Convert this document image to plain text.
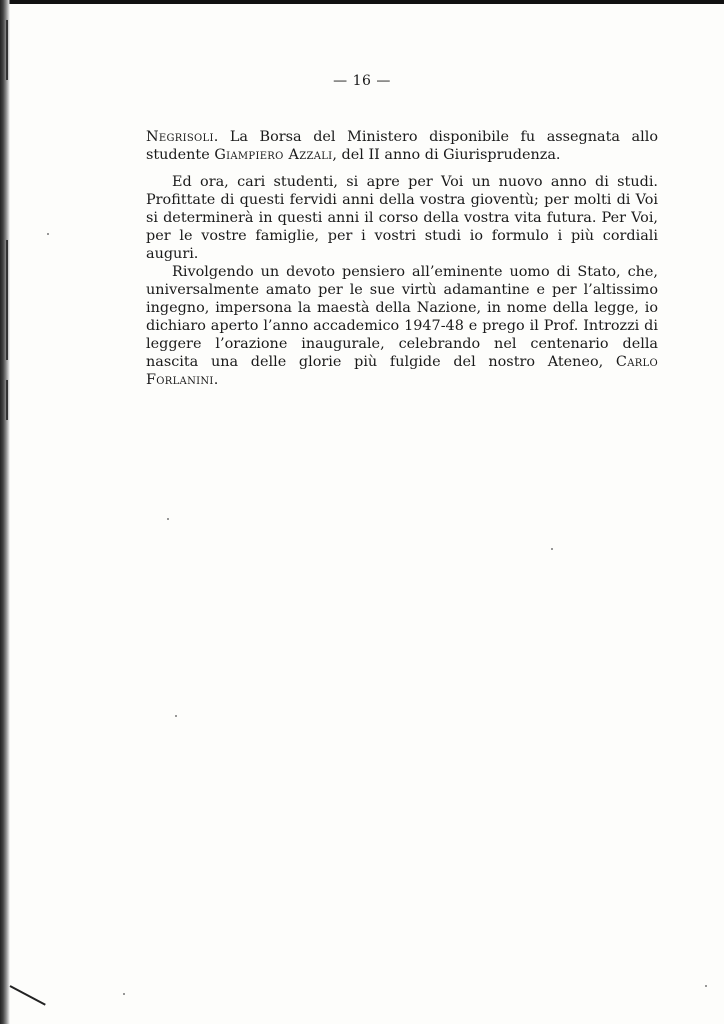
— 16 —

Negrisoli. La Borsa del Ministero disponibile fu assegnata allo studente Giampiero Azzali, del II anno di Giurisprudenza.

Ed ora, cari studenti, si apre per Voi un nuovo anno di studi. Profittate di questi fervidi anni della vostra gioventù; per molti di Voi si determinerà in questi anni il corso della vostra vita futura. Per Voi, per le vostre famiglie, per i vostri studi io formulo i più cordiali auguri.

Rivolgendo un devoto pensiero all’eminente uomo di Stato, che, universalmente amato per le sue virtù adamantine e per l’altissimo ingegno, impersona la maestà della Nazione, in nome della legge, io dichiaro aperto l’anno accademico 1947-48 e prego il Prof. Introzzi di leggere l’orazione inaugurale, celebrando nel centenario della nascita una delle glorie più fulgide del nostro Ateneo, Carlo Forlanini.
